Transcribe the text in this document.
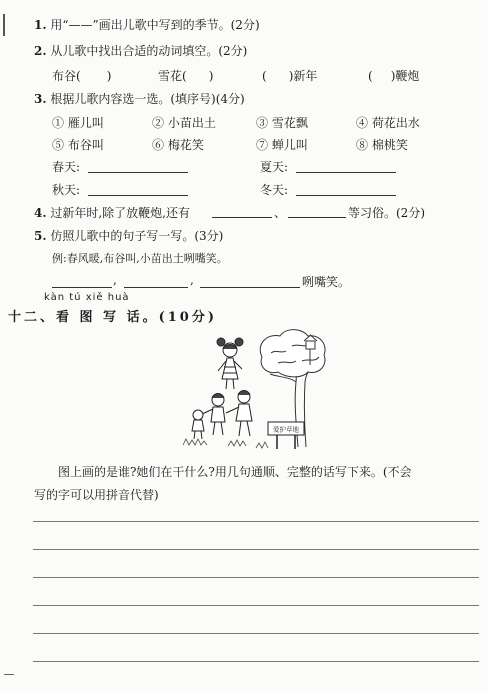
1. 用“——”画出儿歌中写到的季节。(2分)
2. 从儿歌中找出合适的动词填空。(2分)
布谷( )	雪花( )	( )新年	( )鞭炮
3. 根据儿歌内容选一选。(填序号)(4分)
① 雁儿叫	② 小苗出土	③ 雪花飘	④ 荷花出水
⑤ 布谷叫	⑥ 梅花笑	⑦ 蝉儿叫	⑧ 棉桃笑
春天:	夏天:
秋天:	冬天:
4. 过新年时,除了放鞭炮,还有	、	等习俗。(2分)
5. 仿照儿歌中的句子写一写。(3分)
例:春风暖,布谷叫,小苗出土咧嘴笑。
,	,	咧嘴笑。
kàn tú xiě huà
十二、看 图 写 话。(10分)
爱护草地
图上画的是谁?她们在干什么?用几句通顺、完整的话写下来。(不会
写的字可以用拼音代替)
